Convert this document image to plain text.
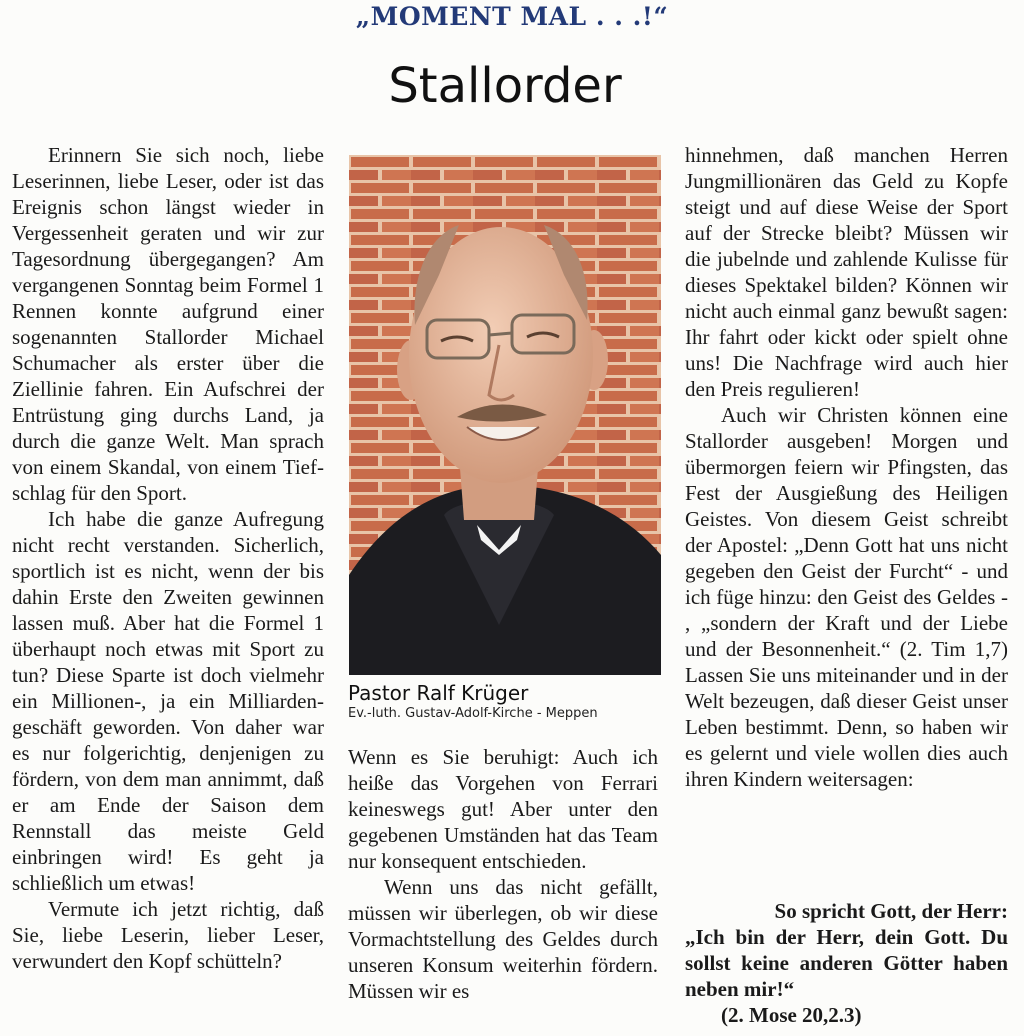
„MOMENT MAL . . .!“
Stallorder

Erinnern Sie sich noch, liebe Leserinnen, liebe Leser, oder ist das Ereignis schon längst wieder in Vergessenheit geraten und wir zur Tagesordnung übergegangen? Am vergangenen Sonntag beim Formel 1 Rennen konnte aufgrund einer sogenannten Stallorder Michael Schumacher als erster über die Ziellinie fahren. Ein Aufschrei der Entrüstung ging durchs Land, ja durch die ganze Welt. Man sprach von einem Skandal, von einem Tiefschlag für den Sport.

Ich habe die ganze Aufregung nicht recht verstanden. Sicherlich, sportlich ist es nicht, wenn der bis dahin Erste den Zweiten gewinnen lassen muß. Aber hat die Formel 1 überhaupt noch etwas mit Sport zu tun? Diese Sparte ist doch vielmehr ein Millionen-, ja ein Milliardengeschäft geworden. Von daher war es nur folgerichtig, denjenigen zu fördern, von dem man annimmt, daß er am Ende der Saison dem Rennstall das meiste Geld einbringen wird! Es geht ja schließlich um etwas!

Vermute ich jetzt richtig, daß Sie, liebe Leserin, lieber Leser, verwundert den Kopf schütteln?

Pastor Ralf Krüger
Ev.-luth. Gustav-Adolf-Kirche - Meppen

Wenn es Sie beruhigt: Auch ich heiße das Vorgehen von Ferrari keineswegs gut! Aber unter den gegebenen Umständen hat das Team nur konsequent entschieden.

Wenn uns das nicht gefällt, müssen wir überlegen, ob wir diese Vormachtstellung des Geldes durch unseren Konsum weiterhin fördern. Müssen wir es

hinnehmen, daß manchen Herren Jungmillionären das Geld zu Kopfe steigt und auf diese Weise der Sport auf der Strecke bleibt? Müssen wir die jubelnde und zahlende Kulisse für dieses Spektakel bilden? Können wir nicht auch einmal ganz bewußt sagen: Ihr fahrt oder kickt oder spielt ohne uns! Die Nachfrage wird auch hier den Preis regulieren!

Auch wir Christen können eine Stallorder ausgeben! Morgen und übermorgen feiern wir Pfingsten, das Fest der Ausgießung des Heiligen Geistes. Von diesem Geist schreibt der Apostel: „Denn Gott hat uns nicht gegeben den Geist der Furcht“ - und ich füge hinzu: den Geist des Geldes - , „sondern der Kraft und der Liebe und der Besonnenheit.“ (2. Tim 1,7) Lassen Sie uns miteinander und in der Welt bezeugen, daß dieser Geist unser Leben bestimmt. Denn, so haben wir es gelernt und viele wollen dies auch ihren Kindern weitersagen:

So spricht Gott, der Herr:
„Ich bin der Herr, dein Gott. Du sollst keine anderen Götter haben neben mir!“
(2. Mose 20,2.3)
